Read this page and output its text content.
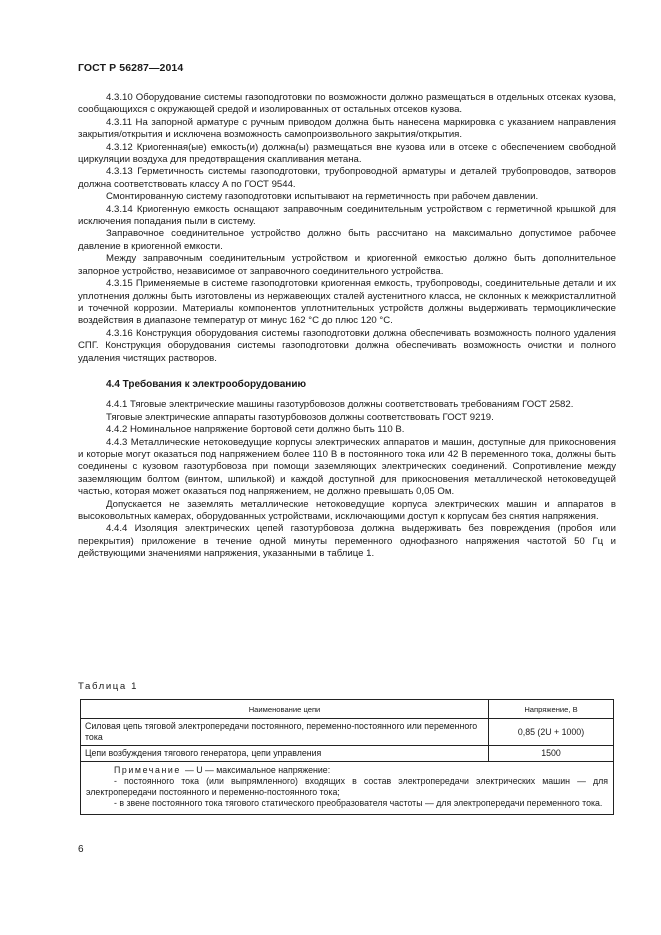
ГОСТ Р 56287—2014

4.3.10 Оборудование системы газоподготовки по возможности должно размещаться в отдельных отсеках кузова, сообщающихся с окружающей средой и изолированных от остальных отсеков кузова.

4.3.11 На запорной арматуре с ручным приводом должна быть нанесена маркировка с указанием направления закрытия/открытия и исключена возможность самопроизвольного закрытия/открытия.

4.3.12 Криогенная(ые) емкость(и) должна(ы) размещаться вне кузова или в отсеке с обеспечением свободной циркуляции воздуха для предотвращения скапливания метана.

4.3.13 Герметичность системы газоподготовки, трубопроводной арматуры и деталей трубопроводов, затворов должна соответствовать классу А по ГОСТ 9544.

Смонтированную систему газоподготовки испытывают на герметичность при рабочем давлении.

4.3.14 Криогенную емкость оснащают заправочным соединительным устройством с герметичной крышкой для исключения попадания пыли в систему.

Заправочное соединительное устройство должно быть рассчитано на максимально допустимое рабочее давление в криогенной емкости.

Между заправочным соединительным устройством и криогенной емкостью должно быть дополнительное запорное устройство, независимое от заправочного соединительного устройства.

4.3.15 Применяемые в системе газоподготовки криогенная емкость, трубопроводы, соединительные детали и их уплотнения должны быть изготовлены из нержавеющих сталей аустенитного класса, не склонных к межкристаллитной и точечной коррозии. Материалы компонентов уплотнительных устройств должны выдерживать термоциклические воздействия в диапазоне температур от минус 162 °С до плюс 120 °С.

4.3.16 Конструкция оборудования системы газоподготовки должна обеспечивать возможность полного удаления СПГ. Конструкция оборудования системы газоподготовки должна обеспечивать возможность очистки и полного удаления чистящих растворов.

4.4 Требования к электрооборудованию

4.4.1 Тяговые электрические машины газотурбовозов должны соответствовать требованиям ГОСТ 2582.

Тяговые электрические аппараты газотурбовозов должны соответствовать ГОСТ 9219.

4.4.2 Номинальное напряжение бортовой сети должно быть 110 В.

4.4.3 Металлические нетоковедущие корпусы электрических аппаратов и машин, доступные для прикосновения и которые могут оказаться под напряжением более 110 В в постоянного тока или 42 В переменного тока, должны быть соединены с кузовом газотурбовоза при помощи заземляющих электрических соединений. Сопротивление между заземляющим болтом (винтом, шпилькой) и каждой доступной для прикосновения металлической нетоковедущей частью, которая может оказаться под напряжением, не должно превышать 0,05 Ом.

Допускается не заземлять металлические нетоковедущие корпуса электрических машин и аппаратов в высоковольтных камерах, оборудованных устройствами, исключающими доступ к корпусам без снятия напряжения.

4.4.4 Изоляция электрических цепей газотурбовоза должна выдерживать без повреждения (пробоя или перекрытия) приложение в течение одной минуты переменного однофазного напряжения частотой 50 Гц и действующими значениями напряжения, указанными в таблице 1.

Таблица 1
Наименование цепи	Напряжение, В
Силовая цепь тяговой электропередачи постоянного, переменно-постоянного или переменного тока	0,85 (2U + 1000)
Цепи возбуждения тягового генератора, цепи управления	1500

Примечание — U — максимальное напряжение:
- постоянного тока (или выпрямленного) входящих в состав электропередачи электрических машин — для электропередачи постоянного и переменно-постоянного тока;
- в звене постоянного тока тягового статического преобразователя частоты — для электропередачи переменного тока.	
6
